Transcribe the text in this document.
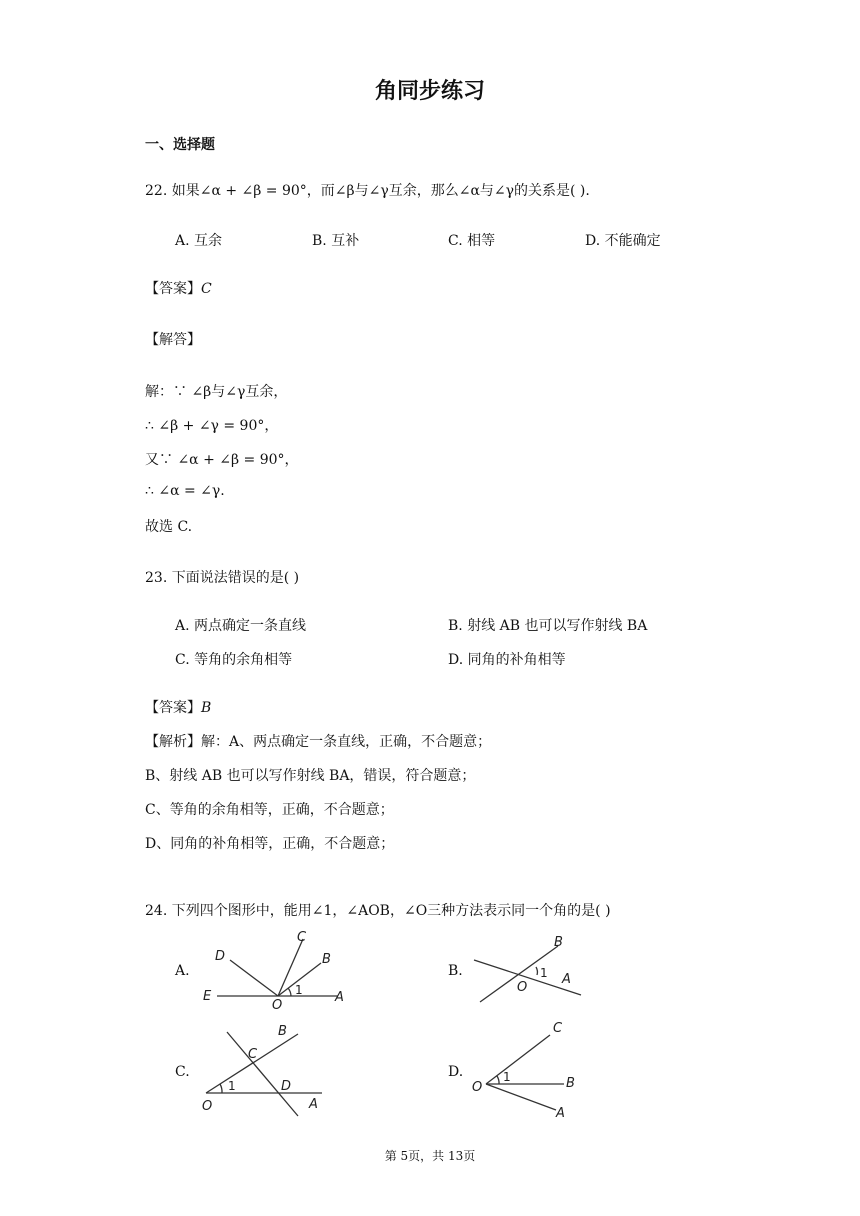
角同步练习
一、选择题
22. 如果∠α + ∠β = 90°，而∠β与∠γ互余，那么∠α与∠γ的关系是( ).
A. 互余	B. 互补	C. 相等	D. 不能确定
【答案】C
【解答】
解：∵ ∠β与∠γ互余，
∴ ∠β + ∠γ = 90°，
又∵ ∠α + ∠β = 90°，
∴ ∠α = ∠γ.
故选 C.
23. 下面说法错误的是( )
A. 两点确定一条直线	B. 射线 AB 也可以写作射线 BA
C. 等角的余角相等	D. 同角的补角相等
【答案】B
【解析】解：A、两点确定一条直线，正确，不合题意；
B、射线 AB 也可以写作射线 BA，错误，符合题意；
C、等角的余角相等，正确，不合题意；
D、同角的补角相等，正确，不合题意；
24. 下列四个图形中，能用∠1，∠AOB，∠O三种方法表示同一个角的是( )
A.	B.
C.	D.
D
C
B
E
O
A
1
B
O
A
1
B
C
O
D
A
1
C
O	B
A
1
第 5页，共 13页
